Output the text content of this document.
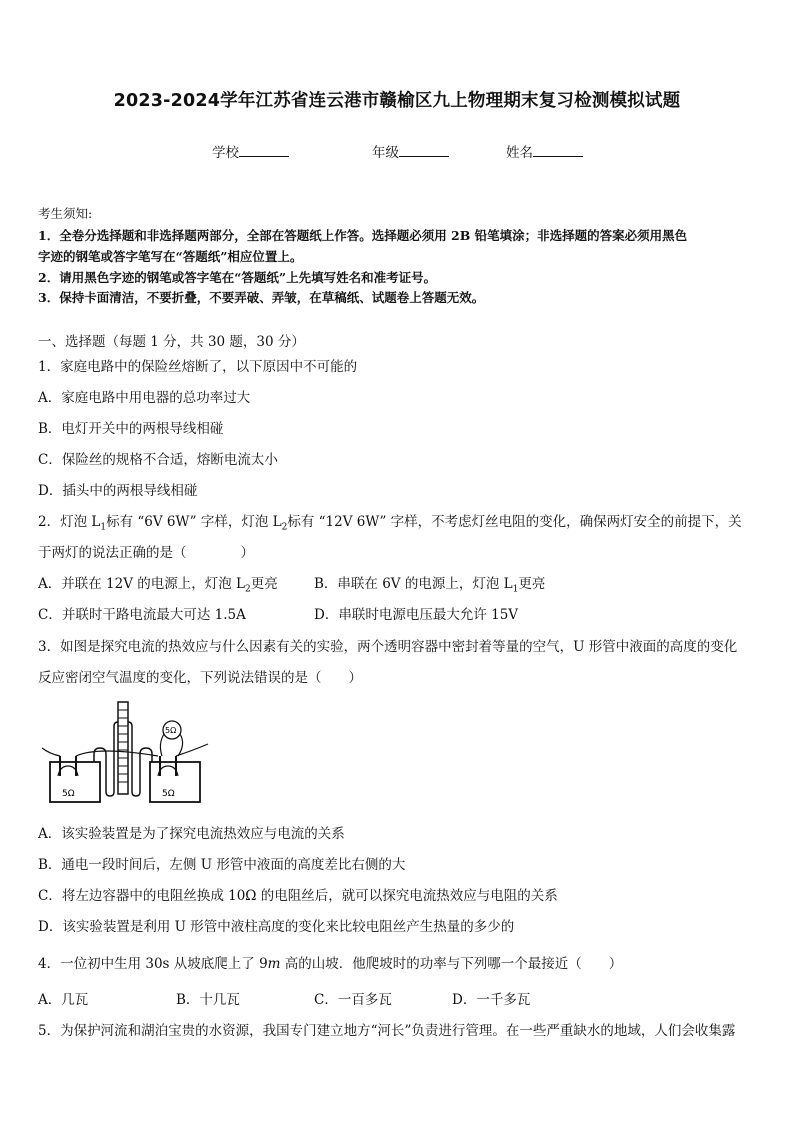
2023-2024学年江苏省连云港市赣榆区九上物理期末复习检测模拟试题
学校	年级	姓名
考生须知:
1．全卷分选择题和非选择题两部分，全部在答题纸上作答。选择题必须用 2B 铅笔填涂；非选择题的答案必须用黑色
字迹的钢笔或答字笔写在“答题纸”相应位置上。
2．请用黑色字迹的钢笔或答字笔在“答题纸”上先填写姓名和准考证号。
3．保持卡面清洁，不要折叠，不要弄破、弄皱，在草稿纸、试题卷上答题无效。
一、选择题（每题 1 分，共 30 题，30 分）
1．家庭电路中的保险丝熔断了，以下原因中不可能的
A．家庭电路中用电器的总功率过大
B．电灯开关中的两根导线相碰
C．保险丝的规格不合适，熔断电流太小
D．插头中的两根导线相碰
2．灯泡 $L_1$标有 “6V 6W” 字样，灯泡 $L_2$标有 “12V 6W” 字样，不考虑灯丝电阻的变化，确保两灯安全的前提下，关
于两灯的说法正确的是（　　　　）
A．并联在 12V 的电源上，灯泡 $L_2$更亮	B．串联在 6V 的电源上，灯泡 $L_1$更亮
C．并联时干路电流最大可达 1.5A	D．串联时电源电压最大允许 15V
3．如图是探究电流的热效应与什么因素有关的实验，两个透明容器中密封着等量的空气，U 形管中液面的高度的变化
反应密闭空气温度的变化，下列说法错误的是（　　）
5Ω	5Ω
5Ω
A．该实验装置是为了探究电流热效应与电流的关系
B．通电一段时间后，左侧 U 形管中液面的高度差比右侧的大
C．将左边容器中的电阻丝换成 10Ω 的电阻丝后，就可以探究电流热效应与电阻的关系
D．该实验装置是利用 U 形管中液柱高度的变化来比较电阻丝产生热量的多少的
4．一位初中生用 30s 从坡底爬上了 9m 高的山坡．他爬坡时的功率与下列哪一个最接近（　　）
A．几瓦	B．十几瓦	C．一百多瓦	D．一千多瓦
5．为保护河流和湖泊宝贵的水资源，我国专门建立地方“河长”负责进行管理。在一些严重缺水的地域，人们会收集露
